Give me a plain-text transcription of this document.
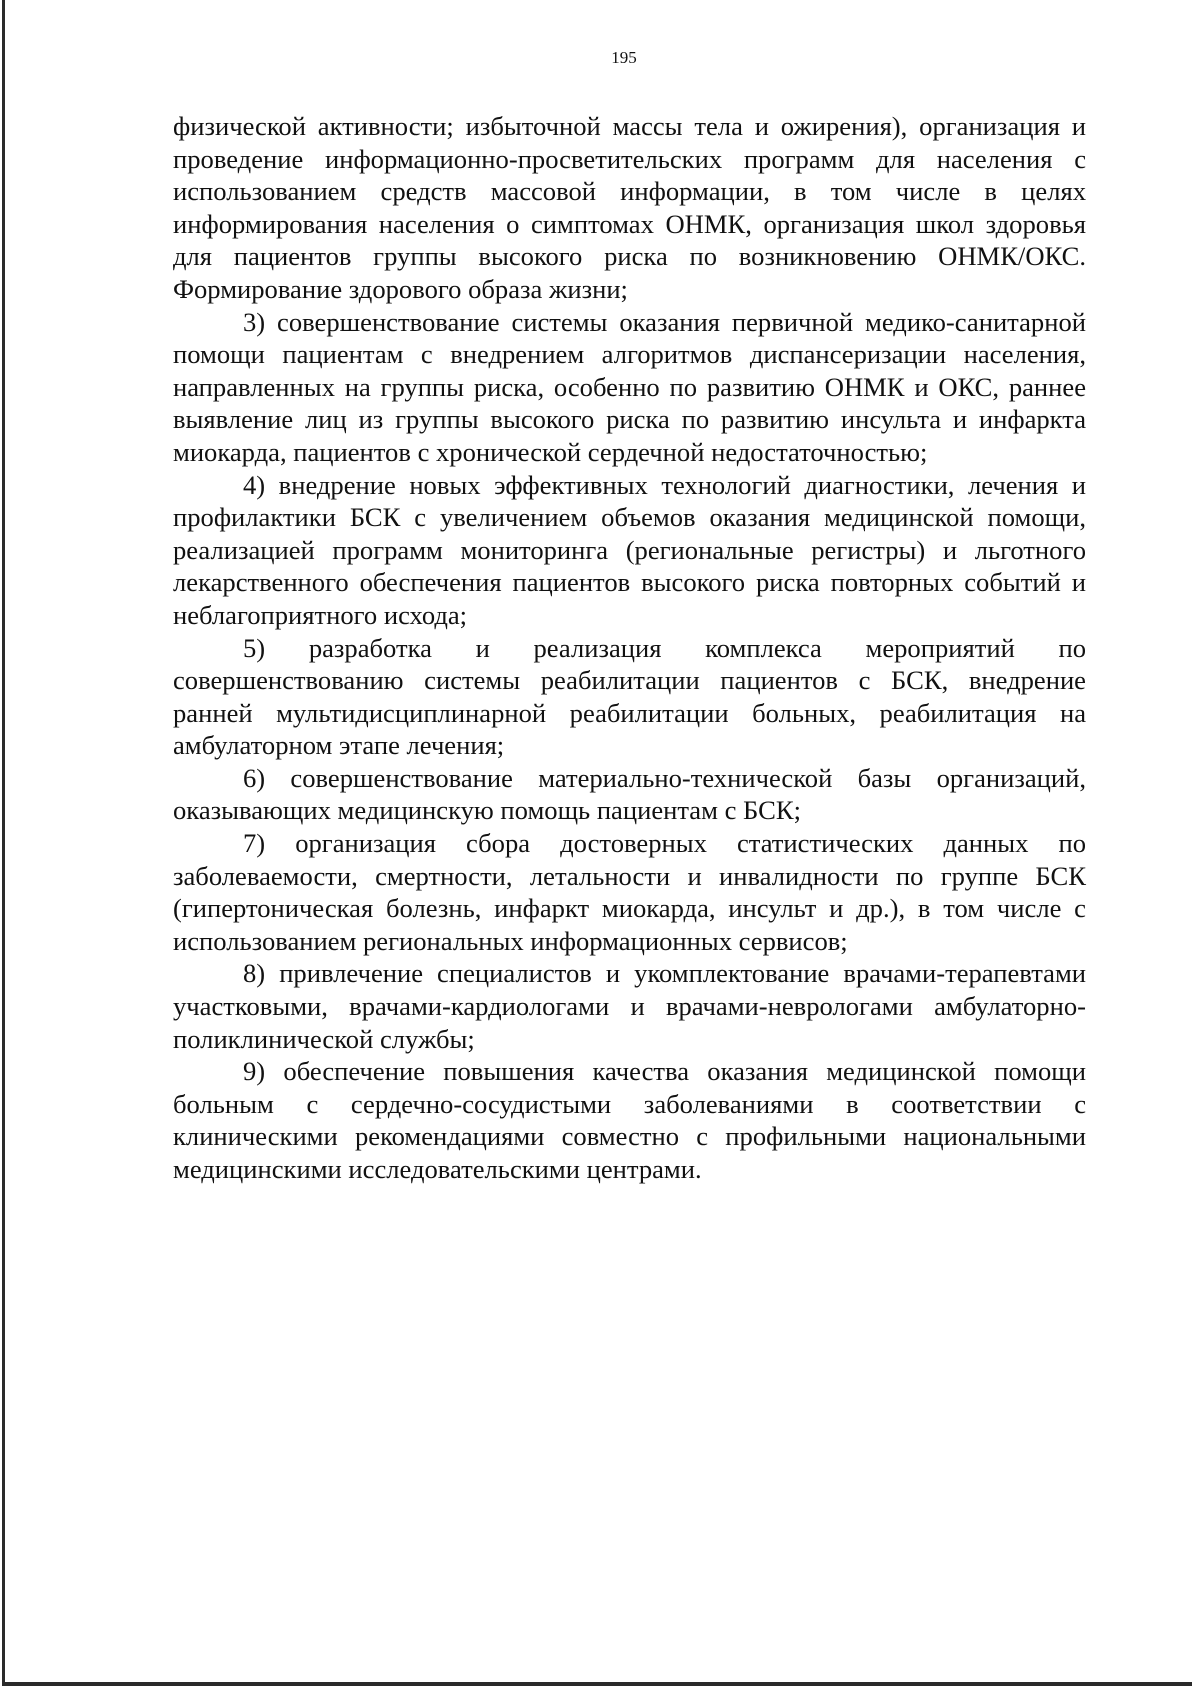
195

физической активности; избыточной массы тела и ожирения), организация и проведение информационно-просветительских программ для населения с использованием средств массовой информации, в том числе в целях информирования населения о симптомах ОНМК, организация школ здоровья для пациентов группы высокого риска по возникновению ОНМК/ОКС. Формирование здорового образа жизни;

3) совершенствование системы оказания первичной медико-санитарной помощи пациентам с внедрением алгоритмов диспансеризации населения, направленных на группы риска, особенно по развитию ОНМК и ОКС, раннее выявление лиц из группы высокого риска по развитию инсульта и инфаркта миокарда, пациентов с хронической сердечной недостаточностью;

4) внедрение новых эффективных технологий диагностики, лечения и профилактики БСК с увеличением объемов оказания медицинской помощи, реализацией программ мониторинга (региональные регистры) и льготного лекарственного обеспечения пациентов высокого риска повторных событий и неблагоприятного исхода;

5) разработка и реализация комплекса мероприятий по совершенствованию системы реабилитации пациентов с БСК, внедрение ранней мультидисциплинарной реабилитации больных, реабилитация на амбулаторном этапе лечения;

6) совершенствование материально-технической базы организаций, оказывающих медицинскую помощь пациентам с БСК;

7) организация сбора достоверных статистических данных по заболеваемости, смертности, летальности и инвалидности по группе БСК (гипертоническая болезнь, инфаркт миокарда, инсульт и др.), в том числе с использованием региональных информационных сервисов;

8) привлечение специалистов и укомплектование врачами-терапевтами участковыми, врачами-кардиологами и врачами-неврологами амбулаторно-поликлинической службы;

9) обеспечение повышения качества оказания медицинской помощи больным с сердечно-сосудистыми заболеваниями в соответствии с клиническими рекомендациями совместно с профильными национальными медицинскими исследовательскими центрами.
